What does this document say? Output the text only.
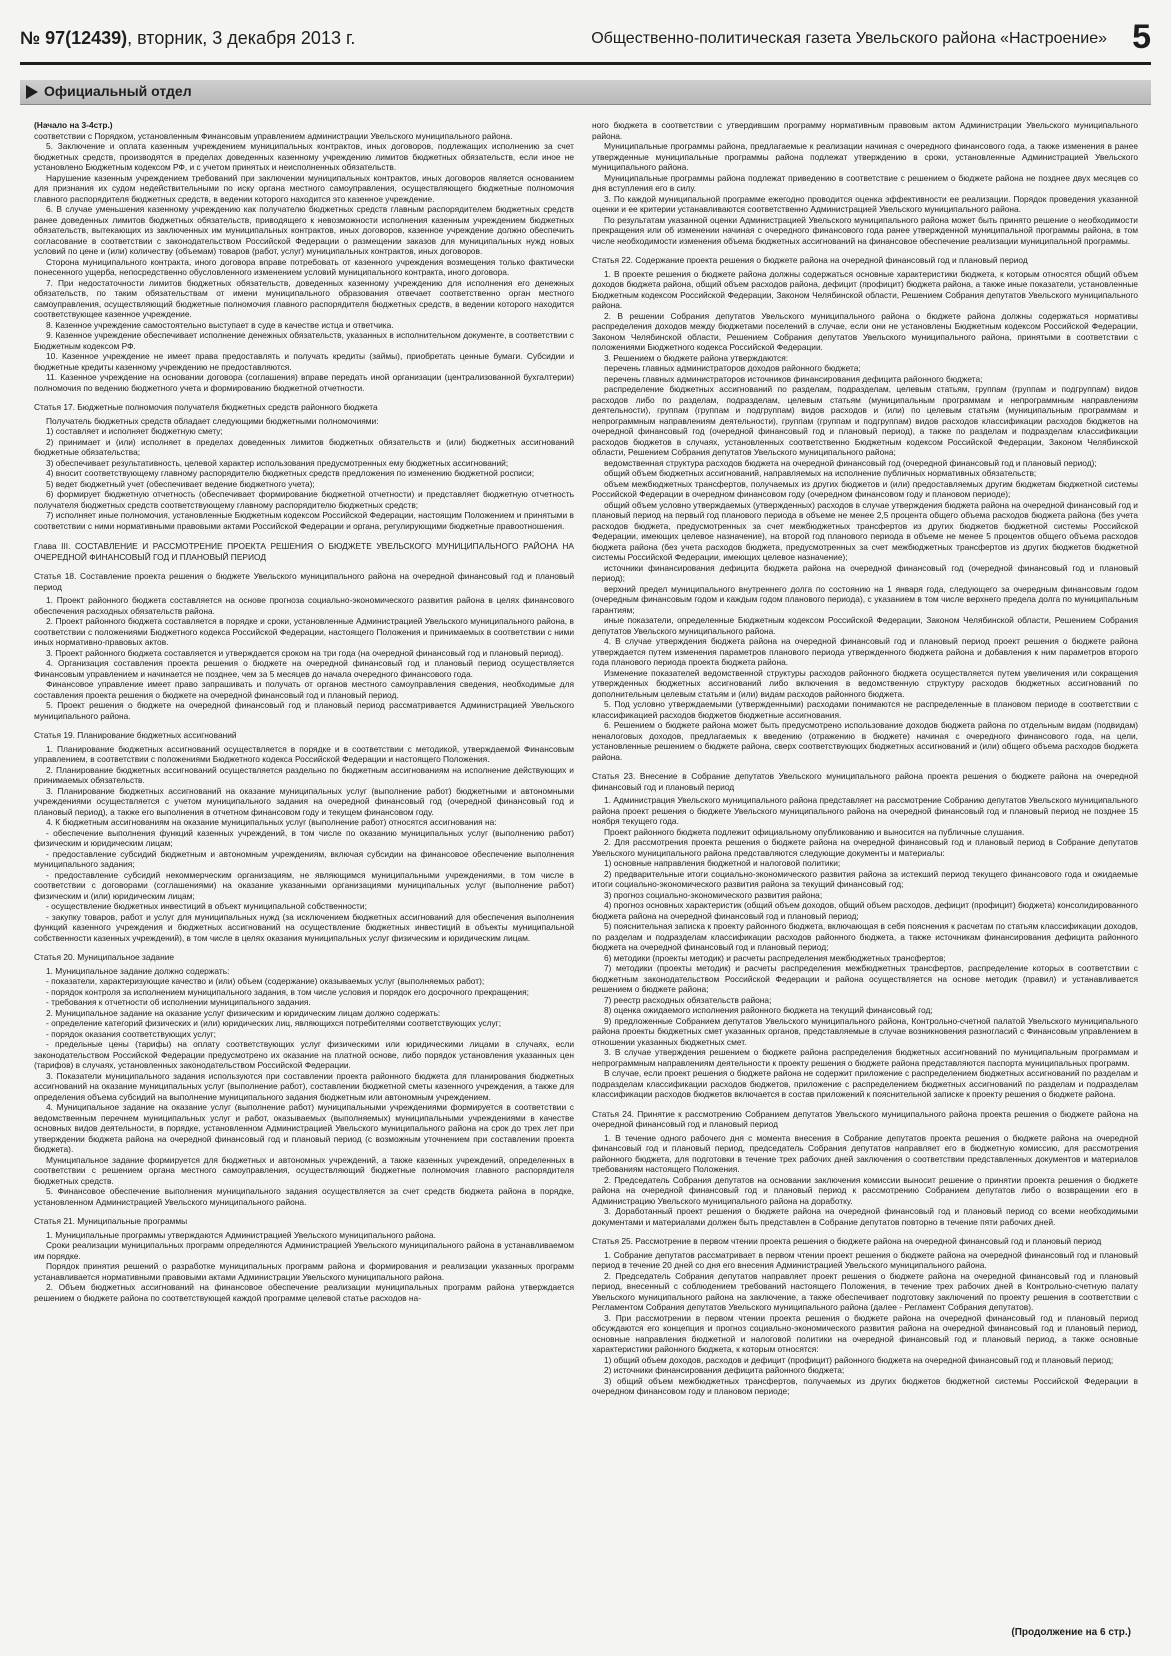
№ 97(12439), вторник, 3 декабря 2013 г.	Общественно-политическая газета Увельского района «Настроение» 5
Официальный отдел

(Начало на 3-4стр.)

соответствии с Порядком, установленным Финансовым управлением администрации Увельского муниципального района.

5. Заключение и оплата казенным учреждением муниципальных контрактов, иных договоров, подлежащих исполнению за счет бюджетных средств, производятся в пределах доведенных казенному учреждению лимитов бюджетных обязательств, если иное не установлено Бюджетным кодексом РФ, и с учетом принятых и неисполненных обязательств.

Нарушение казенным учреждением требований при заключении муниципальных контрактов, иных договоров является основанием для признания их судом недействительными по иску органа местного самоуправления, осуществляющего бюджетные полномочия главного распорядителя бюджетных средств, в ведении которого находится это казенное учреждение.

6. В случае уменьшения казенному учреждению как получателю бюджетных средств главным распорядителем бюджетных средств ранее доведенных лимитов бюджетных обязательств, приводящего к невозможности исполнения казенным учреждением бюджетных обязательств, вытекающих из заключенных им муниципальных контрактов, иных договоров, казенное учреждение должно обеспечить согласование в соответствии с законодательством Российской Федерации о размещении заказов для муниципальных нужд новых условий по цене и (или) количеству (объемам) товаров (работ, услуг) муниципальных контрактов, иных договоров.

Сторона муниципального контракта, иного договора вправе потребовать от казенного учреждения возмещения только фактически понесенного ущерба, непосредственно обусловленного изменением условий муниципального контракта, иного договора.

7. При недостаточности лимитов бюджетных обязательств, доведенных казенному учреждению для исполнения его денежных обязательств, по таким обязательствам от имени муниципального образования отвечает соответственно орган местного самоуправления, осуществляющий бюджетные полномочия главного распорядителя бюджетных средств, в ведении которого находится соответствующее казенное учреждение.

8. Казенное учреждение самостоятельно выступает в суде в качестве истца и ответчика.

9. Казенное учреждение обеспечивает исполнение денежных обязательств, указанных в исполнительном документе, в соответствии с Бюджетным кодексом РФ.

10. Казенное учреждение не имеет права предоставлять и получать кредиты (займы), приобретать ценные бумаги. Субсидии и бюджетные кредиты казенному учреждению не предоставляются.

11. Казенное учреждение на основании договора (соглашения) вправе передать иной организации (централизованной бухгалтерии) полномочия по ведению бюджетного учета и формированию бюджетной отчетности.

Статья 17. Бюджетные полномочия получателя бюджетных средств районного бюджета

Получатель бюджетных средств обладает следующими бюджетными полномочиями:

1) составляет и исполняет бюджетную смету;

2) принимает и (или) исполняет в пределах доведенных лимитов бюджетных обязательств и (или) бюджетных ассигнований бюджетные обязательства;

3) обеспечивает результативность, целевой характер использования предусмотренных ему бюджетных ассигнований;

4) вносит соответствующему главному распорядителю бюджетных средств предложения по изменению бюджетной росписи;

5) ведет бюджетный учет (обеспечивает ведение бюджетного учета);

6) формирует бюджетную отчетность (обеспечивает формирование бюджетной отчетности) и представляет бюджетную отчетность получателя бюджетных средств соответствующему главному распорядителю бюджетных средств;

7) исполняет иные полномочия, установленные Бюджетным кодексом Российской Федерации, настоящим Положением и принятыми в соответствии с ними нормативными правовыми актами Российской Федерации и органа, регулирующими бюджетные правоотношения.

Глава III. СОСТАВЛЕНИЕ И РАССМОТРЕНИЕ ПРОЕКТА РЕШЕНИЯ О БЮДЖЕТЕ УВЕЛЬСКОГО МУНИЦИПАЛЬНОГО РАЙОНА НА ОЧЕРЕДНОЙ ФИНАНСОВЫЙ ГОД И ПЛАНОВЫЙ ПЕРИОД

Статья 18. Составление проекта решения о бюджете Увельского муниципального района на очередной финансовый год и плановый период

1. Проект районного бюджета составляется на основе прогноза социально-экономического развития района в целях финансового обеспечения расходных обязательств района.

2. Проект районного бюджета составляется в порядке и сроки, установленные Администрацией Увельского муниципального района, в соответствии с положениями Бюджетного кодекса Российской Федерации, настоящего Положения и принимаемых в соответствии с ними иных нормативно-правовых актов.

3. Проект районного бюджета составляется и утверждается сроком на три года (на очередной финансовый год и плановый период).

4. Организация составления проекта решения о бюджете на очередной финансовый год и плановый период осуществляется Финансовым управлением и начинается не позднее, чем за 5 месяцев до начала очередного финансового года.

Финансовое управление имеет право запрашивать и получать от органов местного самоуправления сведения, необходимые для составления проекта решения о бюджете на очередной финансовый год и плановый период.

5. Проект решения о бюджете на очередной финансовый год и плановый период рассматривается Администрацией Увельского муниципального района.

Статья 19. Планирование бюджетных ассигнований

1. Планирование бюджетных ассигнований осуществляется в порядке и в соответствии с методикой, утверждаемой Финансовым управлением, в соответствии с положениями Бюджетного кодекса Российской Федерации и настоящего Положения.

2. Планирование бюджетных ассигнований осуществляется раздельно по бюджетным ассигнованиям на исполнение действующих и принимаемых обязательств.

3. Планирование бюджетных ассигнований на оказание муниципальных услуг (выполнение работ) бюджетными и автономными учреждениями осуществляется с учетом муниципального задания на очередной финансовый год (очередной финансовый год и плановый период), а также его выполнения в отчетном финансовом году и текущем финансовом году.

4. К бюджетным ассигнованиям на оказание муниципальных услуг (выполнение работ) относятся ассигнования на:

- обеспечение выполнения функций казенных учреждений, в том числе по оказанию муниципальных услуг (выполнению работ) физическим и юридическим лицам;

- предоставление субсидий бюджетным и автономным учреждениям, включая субсидии на финансовое обеспечение выполнения муниципального задания;

- предоставление субсидий некоммерческим организациям, не являющимся муниципальными учреждениями, в том числе в соответствии с договорами (соглашениями) на оказание указанными организациями муниципальных услуг (выполнение работ) физическим и (или) юридическим лицам;

- осуществление бюджетных инвестиций в объект муниципальной собственности;

- закупку товаров, работ и услуг для муниципальных нужд (за исключением бюджетных ассигнований для обеспечения выполнения функций казенного учреждения и бюджетных ассигнований на осуществление бюджетных инвестиций в объекты муниципальной собственности казенных учреждений), в том числе в целях оказания муниципальных услуг физическим и юридическим лицам.

Статья 20. Муниципальное задание

1. Муниципальное задание должно содержать:

- показатели, характеризующие качество и (или) объем (содержание) оказываемых услуг (выполняемых работ);

- порядок контроля за исполнением муниципального задания, в том числе условия и порядок его досрочного прекращения;

- требования к отчетности об исполнении муниципального задания.

2. Муниципальное задание на оказание услуг физическим и юридическим лицам должно содержать:

- определение категорий физических и (или) юридических лиц, являющихся потребителями соответствующих услуг;

- порядок оказания соответствующих услуг;

- предельные цены (тарифы) на оплату соответствующих услуг физическими или юридическими лицами в случаях, если законодательством Российской Федерации предусмотрено их оказание на платной основе, либо порядок установления указанных цен (тарифов) в случаях, установленных законодательством Российской Федерации.

3. Показатели муниципального задания используются при составлении проекта районного бюджета для планирования бюджетных ассигнований на оказание муниципальных услуг (выполнение работ), составлении бюджетной сметы казенного учреждения, а также для определения объема субсидий на выполнение муниципального задания бюджетным или автономным учреждением.

4. Муниципальное задание на оказание услуг (выполнение работ) муниципальными учреждениями формируется в соответствии с ведомственным перечнем муниципальных услуг и работ, оказываемых (выполняемых) муниципальными учреждениями в качестве основных видов деятельности, в порядке, установленном Администрацией Увельского муниципального района на срок до трех лет при утверждении бюджета района на очередной финансовый год и плановый период (с возможным уточнением при составлении проекта бюджета).

Муниципальное задание формируется для бюджетных и автономных учреждений, а также казенных учреждений, определенных в соответствии с решением органа местного самоуправления, осуществляющий бюджетные полномочия главного распорядителя бюджетных средств.

5. Финансовое обеспечение выполнения муниципального задания осуществляется за счет средств бюджета района в порядке, установленном Администрацией Увельского муниципального района.

Статья 21. Муниципальные программы

1. Муниципальные программы утверждаются Администрацией Увельского муниципального района.

Сроки реализации муниципальных программ определяются Администрацией Увельского муниципального района в устанавливаемом им порядке.

Порядок принятия решений о разработке муниципальных программ района и формирования и реализации указанных программ устанавливается нормативными правовыми актами Администрации Увельского муниципального района.

2. Объем бюджетных ассигнований на финансовое обеспечение реализации муниципальных программ района утверждается решением о бюджете района по соответствующей каждой программе целевой статье расходов на-

ного бюджета в соответствии с утвердившим программу нормативным правовым актом Администрации Увельского муниципального района.

Муниципальные программы района, предлагаемые к реализации начиная с очередного финансового года, а также изменения в ранее утвержденные муниципальные программы района подлежат утверждению в сроки, установленные Администрацией Увельского муниципального района.

Муниципальные программы района подлежат приведению в соответствие с решением о бюджете района не позднее двух месяцев со дня вступления его в силу.

3. По каждой муниципальной программе ежегодно проводится оценка эффективности ее реализации. Порядок проведения указанной оценки и ее критерии устанавливаются соответственно Администрацией Увельского муниципального района.

По результатам указанной оценки Администрацией Увельского муниципального района может быть принято решение о необходимости прекращения или об изменении начиная с очередного финансового года ранее утвержденной муниципальной программы района, в том числе необходимости изменения объема бюджетных ассигнований на финансовое обеспечение реализации муниципальной программы.

Статья 22. Содержание проекта решения о бюджете района на очередной финансовый год и плановый период

1. В проекте решения о бюджете района должны содержаться основные характеристики бюджета, к которым относятся общий объем доходов бюджета района, общий объем расходов района, дефицит (профицит) бюджета района, а также иные показатели, установленные Бюджетным кодексом Российской Федерации, Законом Челябинской области, Решением Собрания депутатов Увельского муниципального района.

2. В решении Собрания депутатов Увельского муниципального района о бюджете района должны содержаться нормативы распределения доходов между бюджетами поселений в случае, если они не установлены Бюджетным кодексом Российской Федерации, Законом Челябинской области, Решением Собрания депутатов Увельского муниципального района, принятыми в соответствии с положениями Бюджетного кодекса Российской Федерации.

3. Решением о бюджете района утверждаются:

перечень главных администраторов доходов районного бюджета;

перечень главных администраторов источников финансирования дефицита районного бюджета;

распределение бюджетных ассигнований по разделам, подразделам, целевым статьям, группам (группам и подгруппам) видов расходов либо по разделам, подразделам, целевым статьям (муниципальным программам и непрограммным направлениям деятельности), группам (группам и подгруппам) видов расходов и (или) по целевым статьям (муниципальным программам и непрограммным направлениям деятельности), группам (группам и подгруппам) видов расходов классификации расходов бюджетов на очередной финансовый год (очередной финансовый год и плановый период), а также по разделам и подразделам классификации расходов бюджетов в случаях, установленных соответственно Бюджетным кодексом Российской Федерации, Законом Челябинской области, Решением Собрания депутатов Увельского муниципального района;

ведомственная структура расходов бюджета на очередной финансовый год (очередной финансовый год и плановый период);

общий объем бюджетных ассигнований, направляемых на исполнение публичных нормативных обязательств;

объем межбюджетных трансфертов, получаемых из других бюджетов и (или) предоставляемых другим бюджетам бюджетной системы Российской Федерации в очередном финансовом году (очередном финансовом году и плановом периоде);

общий объем условно утверждаемых (утвержденных) расходов в случае утверждения бюджета района на очередной финансовый год и плановый период на первый год планового периода в объеме не менее 2,5 процента общего объема расходов бюджета района (без учета расходов бюджета, предусмотренных за счет межбюджетных трансфертов из других бюджетов бюджетной системы Российской Федерации, имеющих целевое назначение), на второй год планового периода в объеме не менее 5 процентов общего объема расходов бюджета района (без учета расходов бюджета, предусмотренных за счет межбюджетных трансфертов из других бюджетов бюджетной системы Российской Федерации, имеющих целевое назначение);

источники финансирования дефицита бюджета района на очередной финансовый год (очередной финансовый год и плановый период);

верхний предел муниципального внутреннего долга по состоянию на 1 января года, следующего за очередным финансовым годом (очередным финансовым годом и каждым годом планового периода), с указанием в том числе верхнего предела долга по муниципальным гарантиям;

иные показатели, определенные Бюджетным кодексом Российской Федерации, Законом Челябинской области, Решением Собрания депутатов Увельского муниципального района.

4. В случае утверждения бюджета района на очередной финансовый год и плановый период проект решения о бюджете района утверждается путем изменения параметров планового периода утвержденного бюджета района и добавления к ним параметров второго года планового периода проекта бюджета района.

Изменение показателей ведомственной структуры расходов районного бюджета осуществляется путем увеличения или сокращения утвержденных бюджетных ассигнований либо включения в ведомственную структуру расходов бюджетных ассигнований по дополнительным целевым статьям и (или) видам расходов районного бюджета.

5. Под условно утверждаемыми (утвержденными) расходами понимаются не распределенные в плановом периоде в соответствии с классификацией расходов бюджетов бюджетные ассигнования.

6. Решением о бюджете района может быть предусмотрено использование доходов бюджета района по отдельным видам (подвидам) неналоговых доходов, предлагаемых к введению (отражению в бюджете) начиная с очередного финансового года, на цели, установленные решением о бюджете района, сверх соответствующих бюджетных ассигнований и (или) общего объема расходов бюджета района.

Статья 23. Внесение в Собрание депутатов Увельского муниципального района проекта решения о бюджете района на очередной финансовый год и плановый период

1. Администрация Увельского муниципального района представляет на рассмотрение Собранию депутатов Увельского муниципального района проект решения о бюджете Увельского муниципального района на очередной финансовый год и плановый период не позднее 15 ноября текущего года.

Проект районного бюджета подлежит официальному опубликованию и выносится на публичные слушания.

2. Для рассмотрения проекта решения о бюджете района на очередной финансовый год и плановый период в Собрание депутатов Увельского муниципального района представляются следующие документы и материалы:

1) основные направления бюджетной и налоговой политики;

2) предварительные итоги социально-экономического развития района за истекший период текущего финансового года и ожидаемые итоги социально-экономического развития района за текущий финансовый год;

3) прогноз социально-экономического развития района;

4) прогноз основных характеристик (общий объем доходов, общий объем расходов, дефицит (профицит) бюджета) консолидированного бюджета района на очередной финансовый год и плановый период;

5) пояснительная записка к проекту районного бюджета, включающая в себя пояснения к расчетам по статьям классификации доходов, по разделам и подразделам классификации расходов районного бюджета, а также источникам финансирования дефицита районного бюджета на очередной финансовый год и плановый период;

6) методики (проекты методик) и расчеты распределения межбюджетных трансфертов;

7) методики (проекты методик) и расчеты распределения межбюджетных трансфертов, распределение которых в соответствии с бюджетным законодательством Российской Федерации и района осуществляется на основе методик (правил) и устанавливается решением о бюджете района;

7) реестр расходных обязательств района;

8) оценка ожидаемого исполнения районного бюджета на текущий финансовый год;

9) предложенные Собранием депутатов Увельского муниципального района, Контрольно-счетной палатой Увельского муниципального района проекты бюджетных смет указанных органов, представляемые в случае возникновения разногласий с Финансовым управлением в отношении указанных бюджетных смет.

3. В случае утверждения решением о бюджете района распределения бюджетных ассигнований по муниципальным программам и непрограммным направлениям деятельности к проекту решения о бюджете района представляются паспорта муниципальных программ.

В случае, если проект решения о бюджете района не содержит приложение с распределением бюджетных ассигнований по разделам и подразделам классификации расходов бюджетов, приложение с распределением бюджетных ассигнований по разделам и подразделам классификации расходов бюджетов включается в состав приложений к пояснительной записке к проекту решения о бюджете района.

Статья 24. Принятие к рассмотрению Собранием депутатов Увельского муниципального района проекта решения о бюджете района на очередной финансовый год и плановый период

1. В течение одного рабочего дня с момента внесения в Собрание депутатов проекта решения о бюджете района на очередной финансовый год и плановый период, председатель Собрания депутатов направляет его в бюджетную комиссию, для рассмотрения районного бюджета, для подготовки в течение трех рабочих дней заключения о соответствии представленных документов и материалов требованиям настоящего Положения.

2. Председатель Собрания депутатов на основании заключения комиссии выносит решение о принятии проекта решения о бюджете района на очередной финансовый год и плановый период к рассмотрению Собранием депутатов либо о возвращении его в Администрацию Увельского муниципального района на доработку.

3. Доработанный проект решения о бюджете района на очередной финансовый год и плановый период со всеми необходимыми документами и материалами должен быть представлен в Собрание депутатов повторно в течение пяти рабочих дней.

Статья 25. Рассмотрение в первом чтении проекта решения о бюджете района на очередной финансовый год и плановый период

1. Собрание депутатов рассматривает в первом чтении проект решения о бюджете района на очередной финансовый год и плановый период в течение 20 дней со дня его внесения Администрацией Увельского муниципального района.

2. Председатель Собрания депутатов направляет проект решения о бюджете района на очередной финансовый год и плановый период, внесенный с соблюдением требований настоящего Положения, в течение трех рабочих дней в Контрольно-счетную палату Увельского муниципального района на заключение, а также обеспечивает подготовку заключений по проекту решения в соответствии с Регламентом Собрания депутатов Увельского муниципального района (далее - Регламент Собрания депутатов).

3. При рассмотрении в первом чтении проекта решения о бюджете района на очередной финансовый год и плановый период обсуждаются его концепция и прогноз социально-экономического развития района на очередной финансовый год и плановый период, основные направления бюджетной и налоговой политики на очередной финансовый год и плановый период, а также основные характеристики районного бюджета, к которым относятся:

1) общий объем доходов, расходов и дефицит (профицит) районного бюджета на очередной финансовый год и плановый период;

2) источники финансирования дефицита районного бюджета;

3) общий объем межбюджетных трансфертов, получаемых из других бюджетов бюджетной системы Российской Федерации в очередном финансовом году и плановом периоде;

(Продолжение на 6 стр.)
